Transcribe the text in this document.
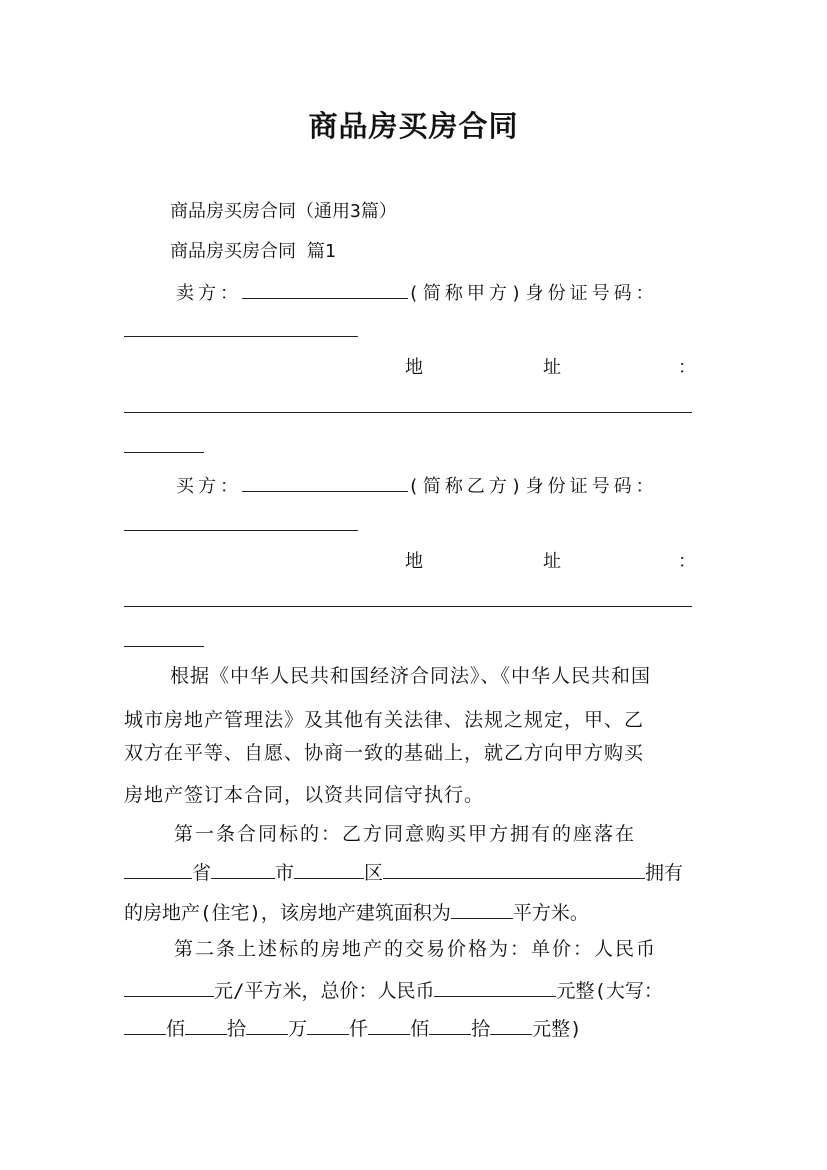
商品房买房合同
商品房买房合同（通用3篇）
商品房买房合同 篇1
卖方：	(简称甲方)身份证号码：
地	址	：
买方：	(简称乙方)身份证号码：
地	址	：
根据《中华人民共和国经济合同法》、《中华人民共和国
城市房地产管理法》及其他有关法律、法规之规定，甲、乙
双方在平等、自愿、协商一致的基础上，就乙方向甲方购买
房地产签订本合同，以资共同信守执行。
第一条合同标的：乙方同意购买甲方拥有的座落在
省	市	区	拥有
的房地产(住宅)，该房地产建筑面积为	平方米。
第二条上述标的房地产的交易价格为：单价：人民币
元/平方米，总价：人民币	元整(大写：
佰 拾 万 仟 佰 拾 元整)
